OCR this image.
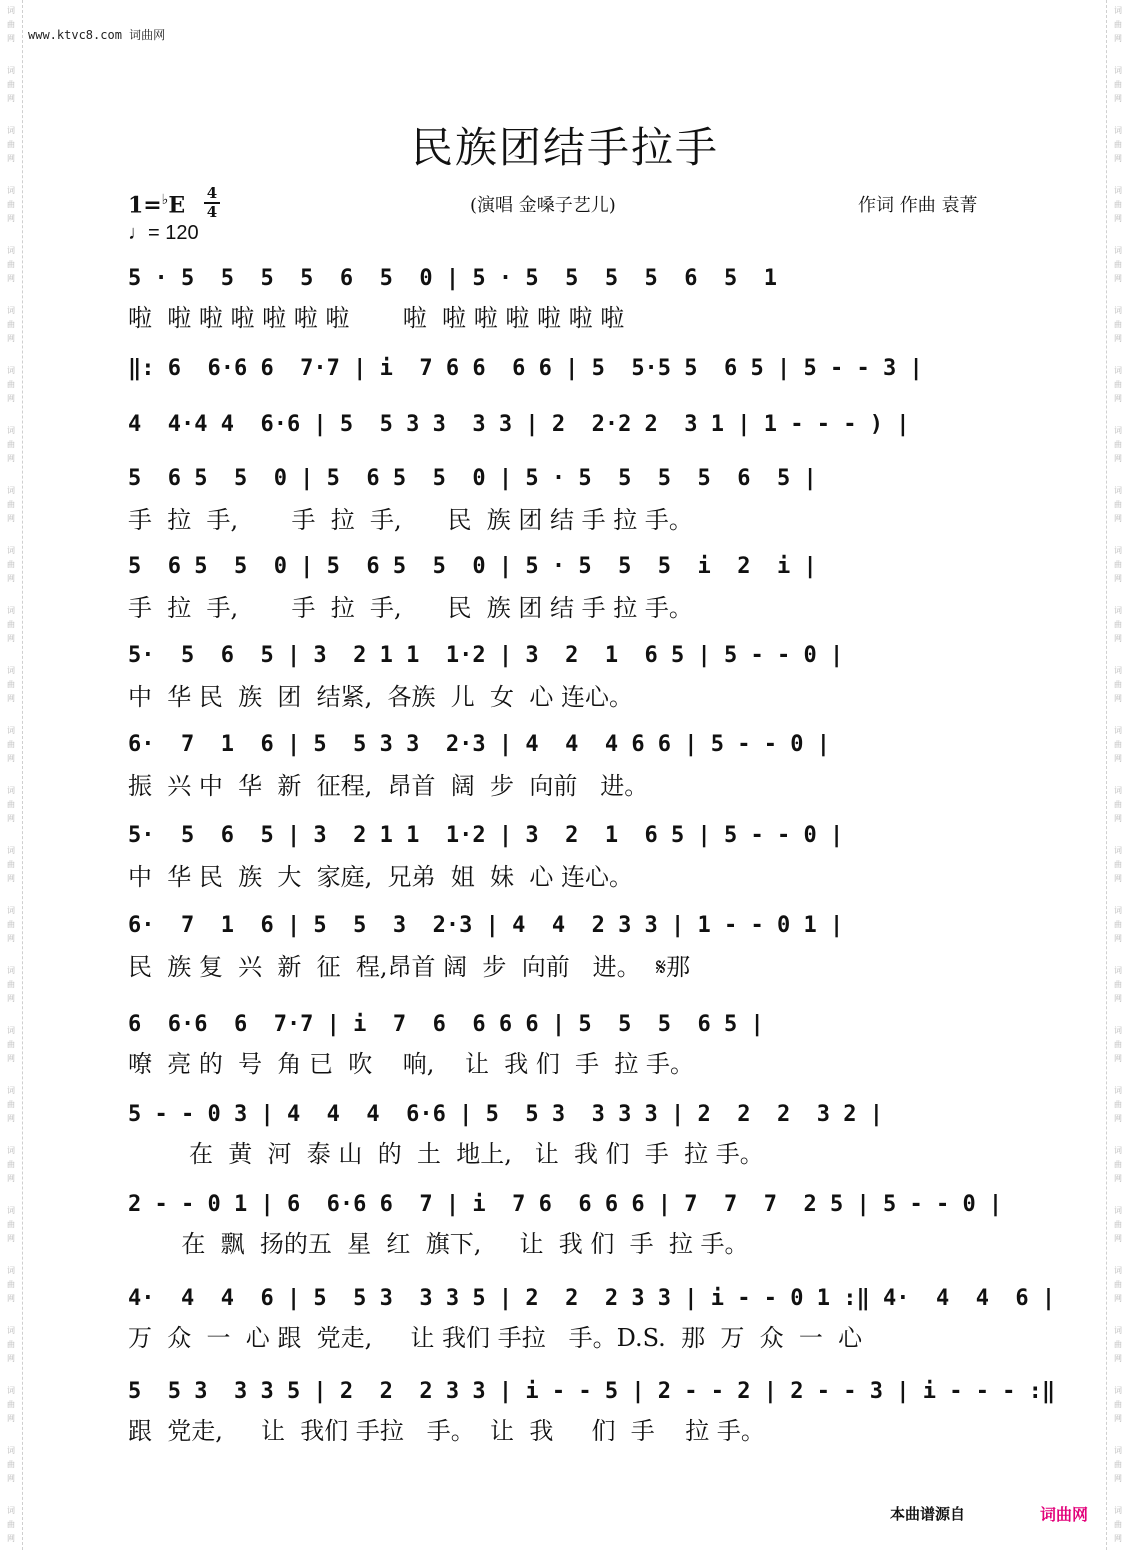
词
曲
网
词
曲
网
词
曲
网
词
曲
网
词
曲
网
词
曲
网
词
曲
网
词
曲
网
词
曲
网
词
曲
网
词
曲
网
词
曲
网
词
曲
网
词
曲
网
词
曲
网
词
曲
网
词
曲
网
词
曲
网
词
曲
网
词
曲
网
词
曲
网
词
曲
网
词
曲
网
词
曲
网
词
曲
网
词
曲
网
词
曲
网
词
曲
网
词
曲
网
词
曲
网
词
曲
网
词
曲
网
词
曲
网
词
曲
网
词
曲
网
词
曲
网
词
曲
网
词
曲
网
词
曲
网
词
曲
网
词
曲
网
词
曲
网
词
曲
网
词
曲
网
词
曲
网
词
曲
网
词
曲
网
词
曲
网
词
曲
网
词
曲
网
词
曲
网
词
曲
网
www.ktvc8.com 词曲网
民族团结手拉手
1=♭E 4
4
♩= 120
(演唱 金嗓子艺儿)	作词 作曲 袁菁
5 · 5  5  5  5  6  5  0 | 5 · 5  5  5  5  6  5  1
啦  啦 啦 啦 啦 啦 啦       啦  啦 啦 啦 啦 啦 啦
‖: 6  6·6 6  7·7 | i  7 6 6  6 6 | 5  5·5 5  6 5 | 5 - - 3 |
4  4·4 4  6·6 | 5  5 3 3  3 3 | 2  2·2 2  3 1 | 1 - - - ) |
5  6 5  5  0 | 5  6 5  5  0 | 5 · 5  5  5  5  6  5 |
手  拉  手,       手  拉  手,      民  族 团 结 手 拉 手。
5  6 5  5  0 | 5  6 5  5  0 | 5 · 5  5  5  i  2  i |
手  拉  手,       手  拉  手,      民  族 团 结 手 拉 手。
5·  5  6  5 | 3  2 1 1  1·2 | 3  2  1  6 5 | 5 - - 0 |
中  华 民  族  团  结紧,  各族  儿  女  心 连心。
6·  7  1  6 | 5  5 3 3  2·3 | 4  4  4 6 6 | 5 - - 0 |
振  兴 中  华  新  征程,  昂首  阔  步  向前   进。
5·  5  6  5 | 3  2 1 1  1·2 | 3  2  1  6 5 | 5 - - 0 |
中  华 民  族  大  家庭,  兄弟  姐  妹  心 连心。
6·  7  1  6 | 5  5  3  2·3 | 4  4  2 3 3 | 1 - - 0 1 |
民  族 复  兴  新  征  程,昂首 阔  步  向前   进。  𝄋那
6  6·6  6  7·7 | i  7  6  6 6 6 | 5  5  5  6 5 |
嘹  亮 的  号  角 已  吹    响,    让  我 们  手  拉 手。
5 - - 0 3 | 4  4  4  6·6 | 5  5 3  3 3 3 | 2  2  2  3 2 |
在  黄  河  泰 山  的  土  地上,   让  我 们  手  拉 手。
2 - - 0 1 | 6  6·6 6  7 | i  7 6  6 6 6 | 7  7  7  2 5 | 5 - - 0 |
在  飘  扬的五  星  红  旗下,     让  我 们  手  拉 手。
4·  4  4  6 | 5  5 3  3 3 5 | 2  2  2 3 3 | i - - 0 1 :‖ 4·  4  4  6 |
万  众  一  心 跟  党走,     让 我们 手拉   手。D.S.  那  万  众  一  心
5  5 3  3 3 5 | 2  2  2 3 3 | i - - 5 | 2 - - 2 | 2 - - 3 | i - - - :‖
跟  党走,     让  我们 手拉   手。  让  我     们  手    拉 手。
本曲谱源自	词曲网
